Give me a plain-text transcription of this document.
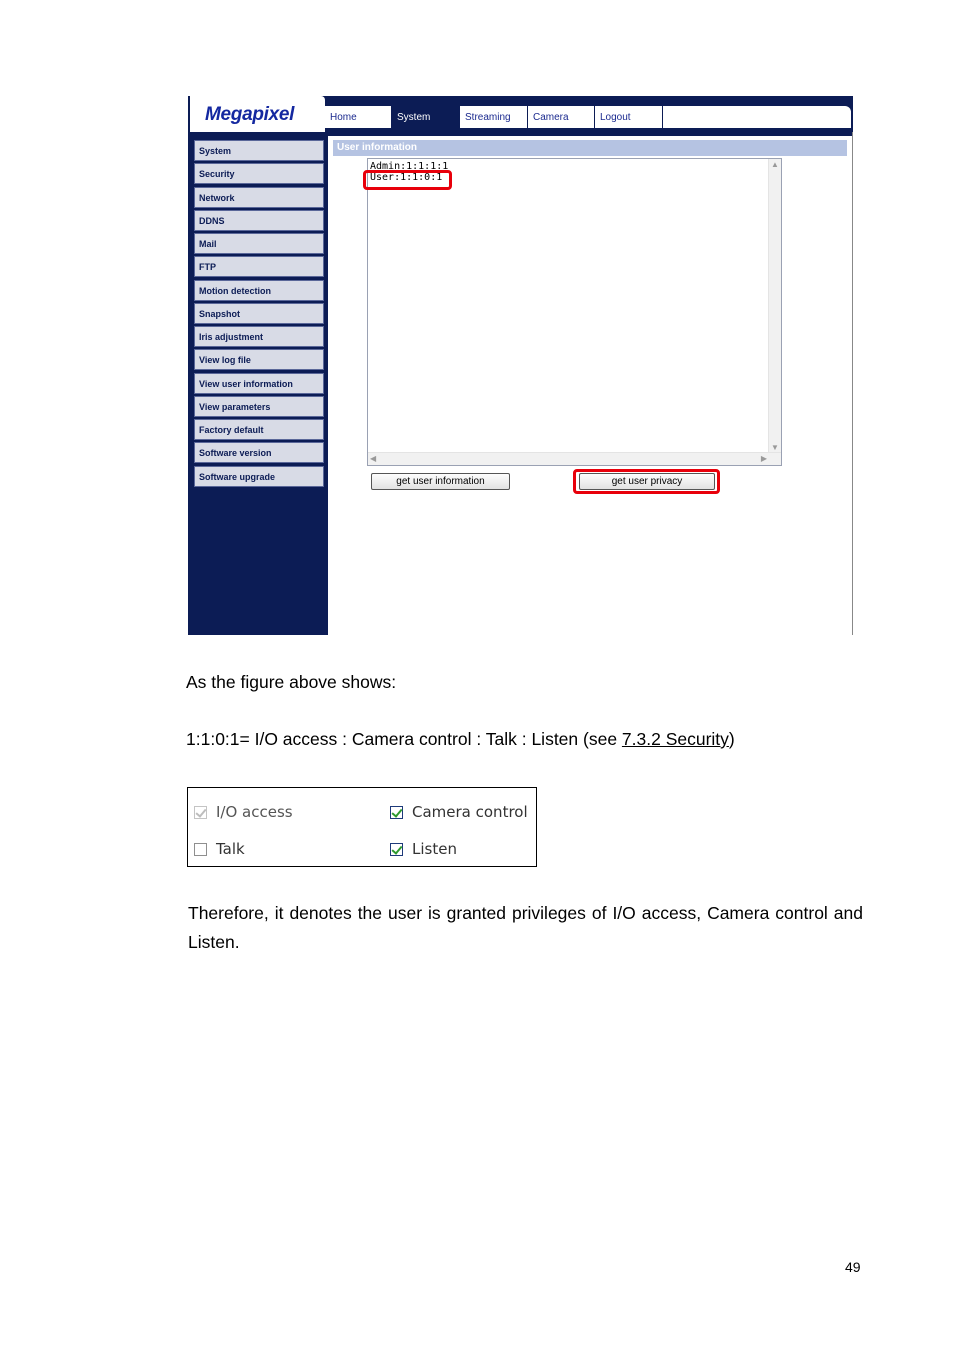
Megapixel	Home	System	Streaming	Camera	Logout
System
Security
Network
DDNS
Mail
FTP
Motion detection
Snapshot
Iris adjustment
View log file
View user information
View parameters
Factory default
Software version
Software upgrade
User information
Admin:1:1:1:1
User:1:1:0:1
▲
▼
◀	▶
get user information	get user privacy
As the figure above shows:
1:1:0:1= I/O access : Camera control : Talk : Listen (see 7.3.2 Security)
I/O access	Camera control
Talk	Listen
Therefore, it denotes the user is granted privileges of I/O access, Camera control and Listen.
49
